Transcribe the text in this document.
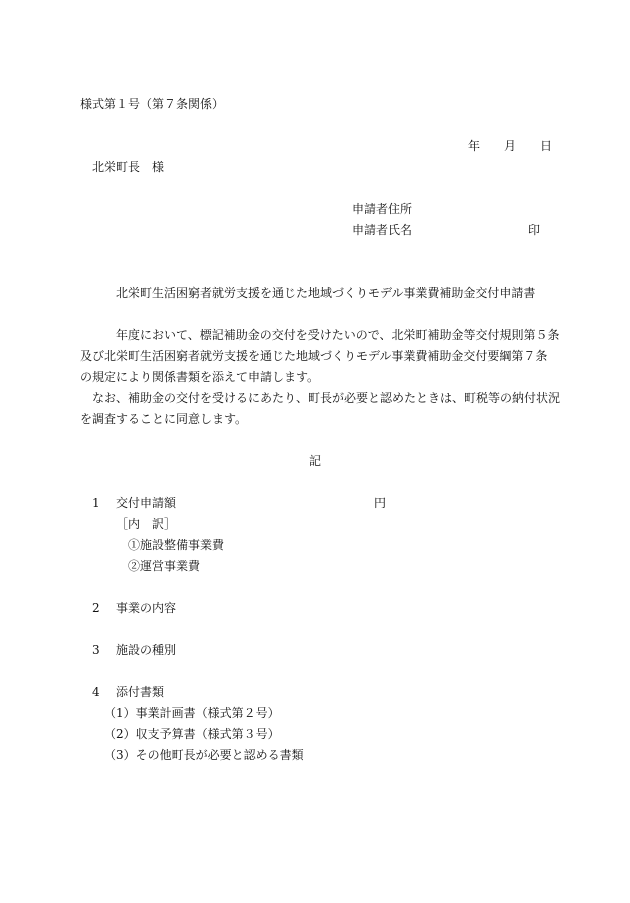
様式第１号（第７条関係）
年 月 日
北栄町長　様
申請者住所
申請者氏名	印
北栄町生活困窮者就労支援を通じた地域づくりモデル事業費補助金交付申請書
年度において、標記補助金の交付を受けたいので、北栄町補助金等交付規則第５条
及び北栄町生活困窮者就労支援を通じた地域づくりモデル事業費補助金交付要綱第７条
の規定により関係書類を添えて申請します。
なお、補助金の交付を受けるにあたり、町長が必要と認めたときは、町税等の納付状況
を調査することに同意します。
記
1 交付申請額	円
［内　訳］
①施設整備事業費
②運営事業費
2 事業の内容
3 施設の種別
4 添付書類
（1）事業計画書（様式第２号）
（2）収支予算書（様式第３号）
（3）その他町長が必要と認める書類
